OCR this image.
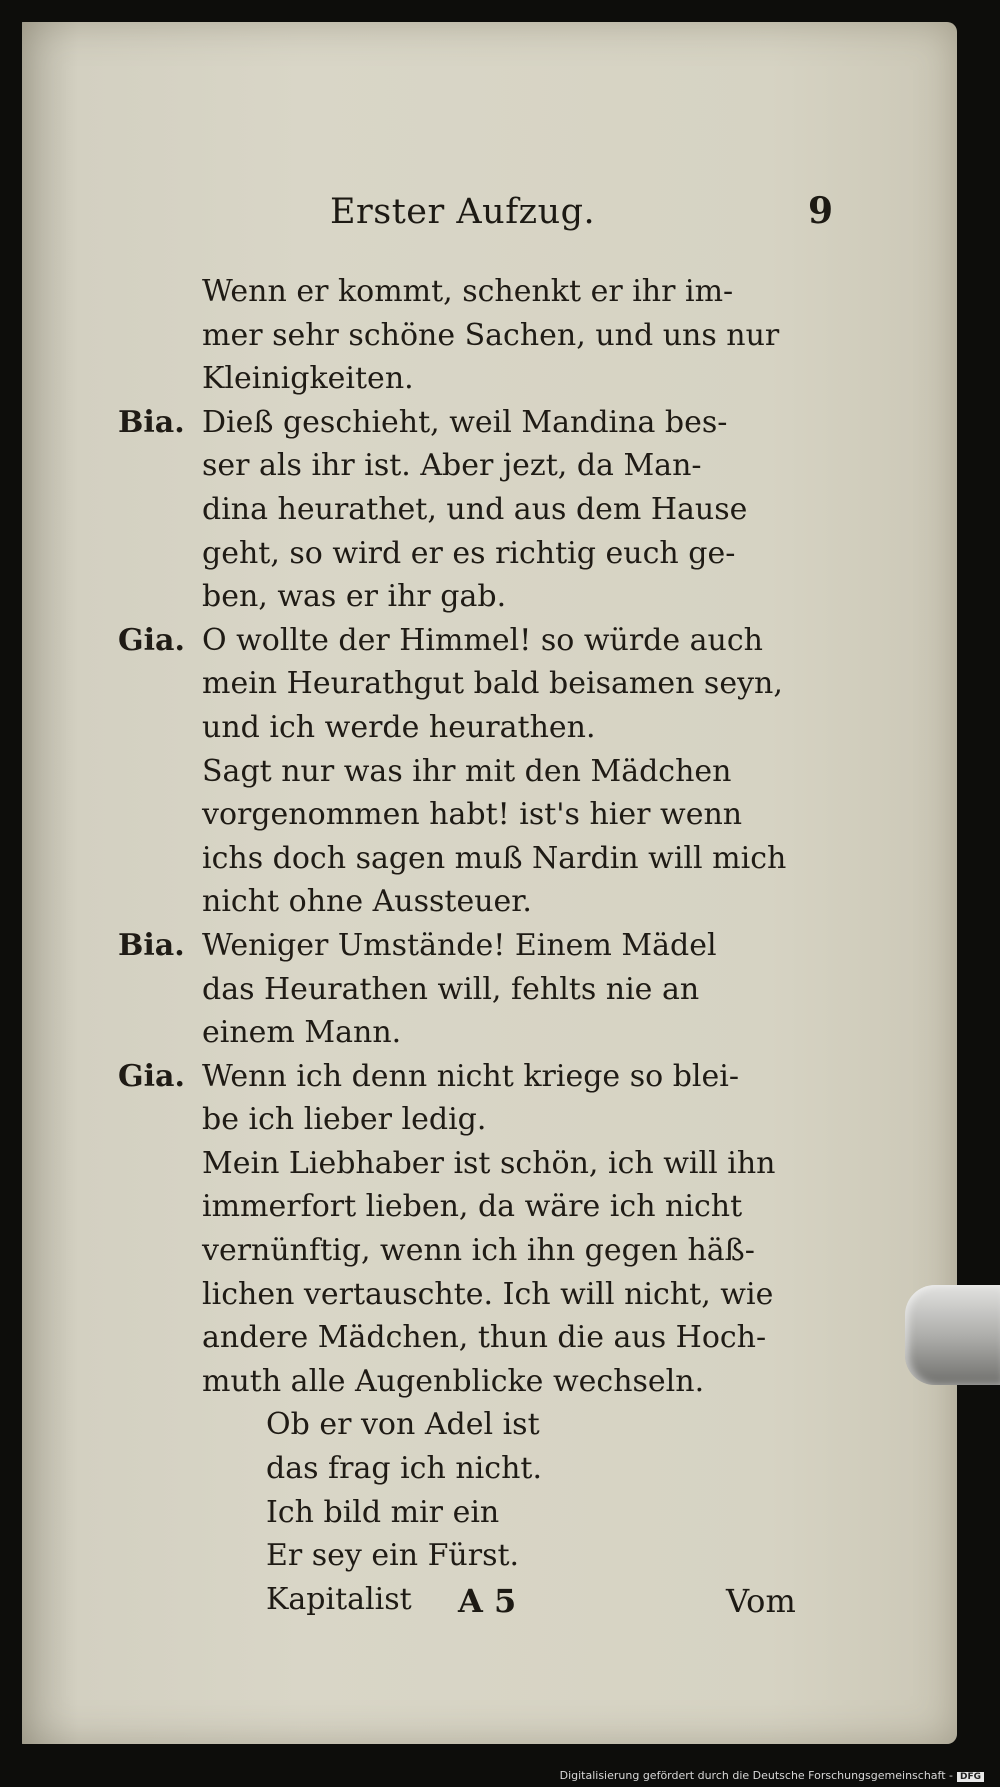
Erster Aufzug.	9
Wenn er kommt, schenkt er ihr im-
mer sehr schöne Sachen, und uns nur
Kleinigkeiten.
Bia. Dieß geschieht, weil Mandina bes-
ser als ihr ist. Aber jezt, da Man-
dina heurathet, und aus dem Hause
geht, so wird er es richtig euch ge-
ben, was er ihr gab.
Gia. O wollte der Himmel! so würde auch
mein Heurathgut bald beisamen seyn,
und ich werde heurathen.
Sagt nur was ihr mit den Mädchen
vorgenommen habt! ist's hier wenn
ichs doch sagen muß Nardin will mich
nicht ohne Aussteuer.
Bia. Weniger Umstände! Einem Mädel
das Heurathen will, fehlts nie an
einem Mann.
Gia. Wenn ich denn nicht kriege so blei-
be ich lieber ledig.
Mein Liebhaber ist schön, ich will ihn
immerfort lieben, da wäre ich nicht
vernünftig, wenn ich ihn gegen häß-
lichen vertauschte. Ich will nicht, wie
andere Mädchen, thun die aus Hoch-
muth alle Augenblicke wechseln.
Ob er von Adel ist
das frag ich nicht.
Ich bild mir ein
Er sey ein Fürst.
Kapitalist A 5	Vom
Digitalisierung gefördert durch die Deutsche Forschungsgemeinschaft - DFG
